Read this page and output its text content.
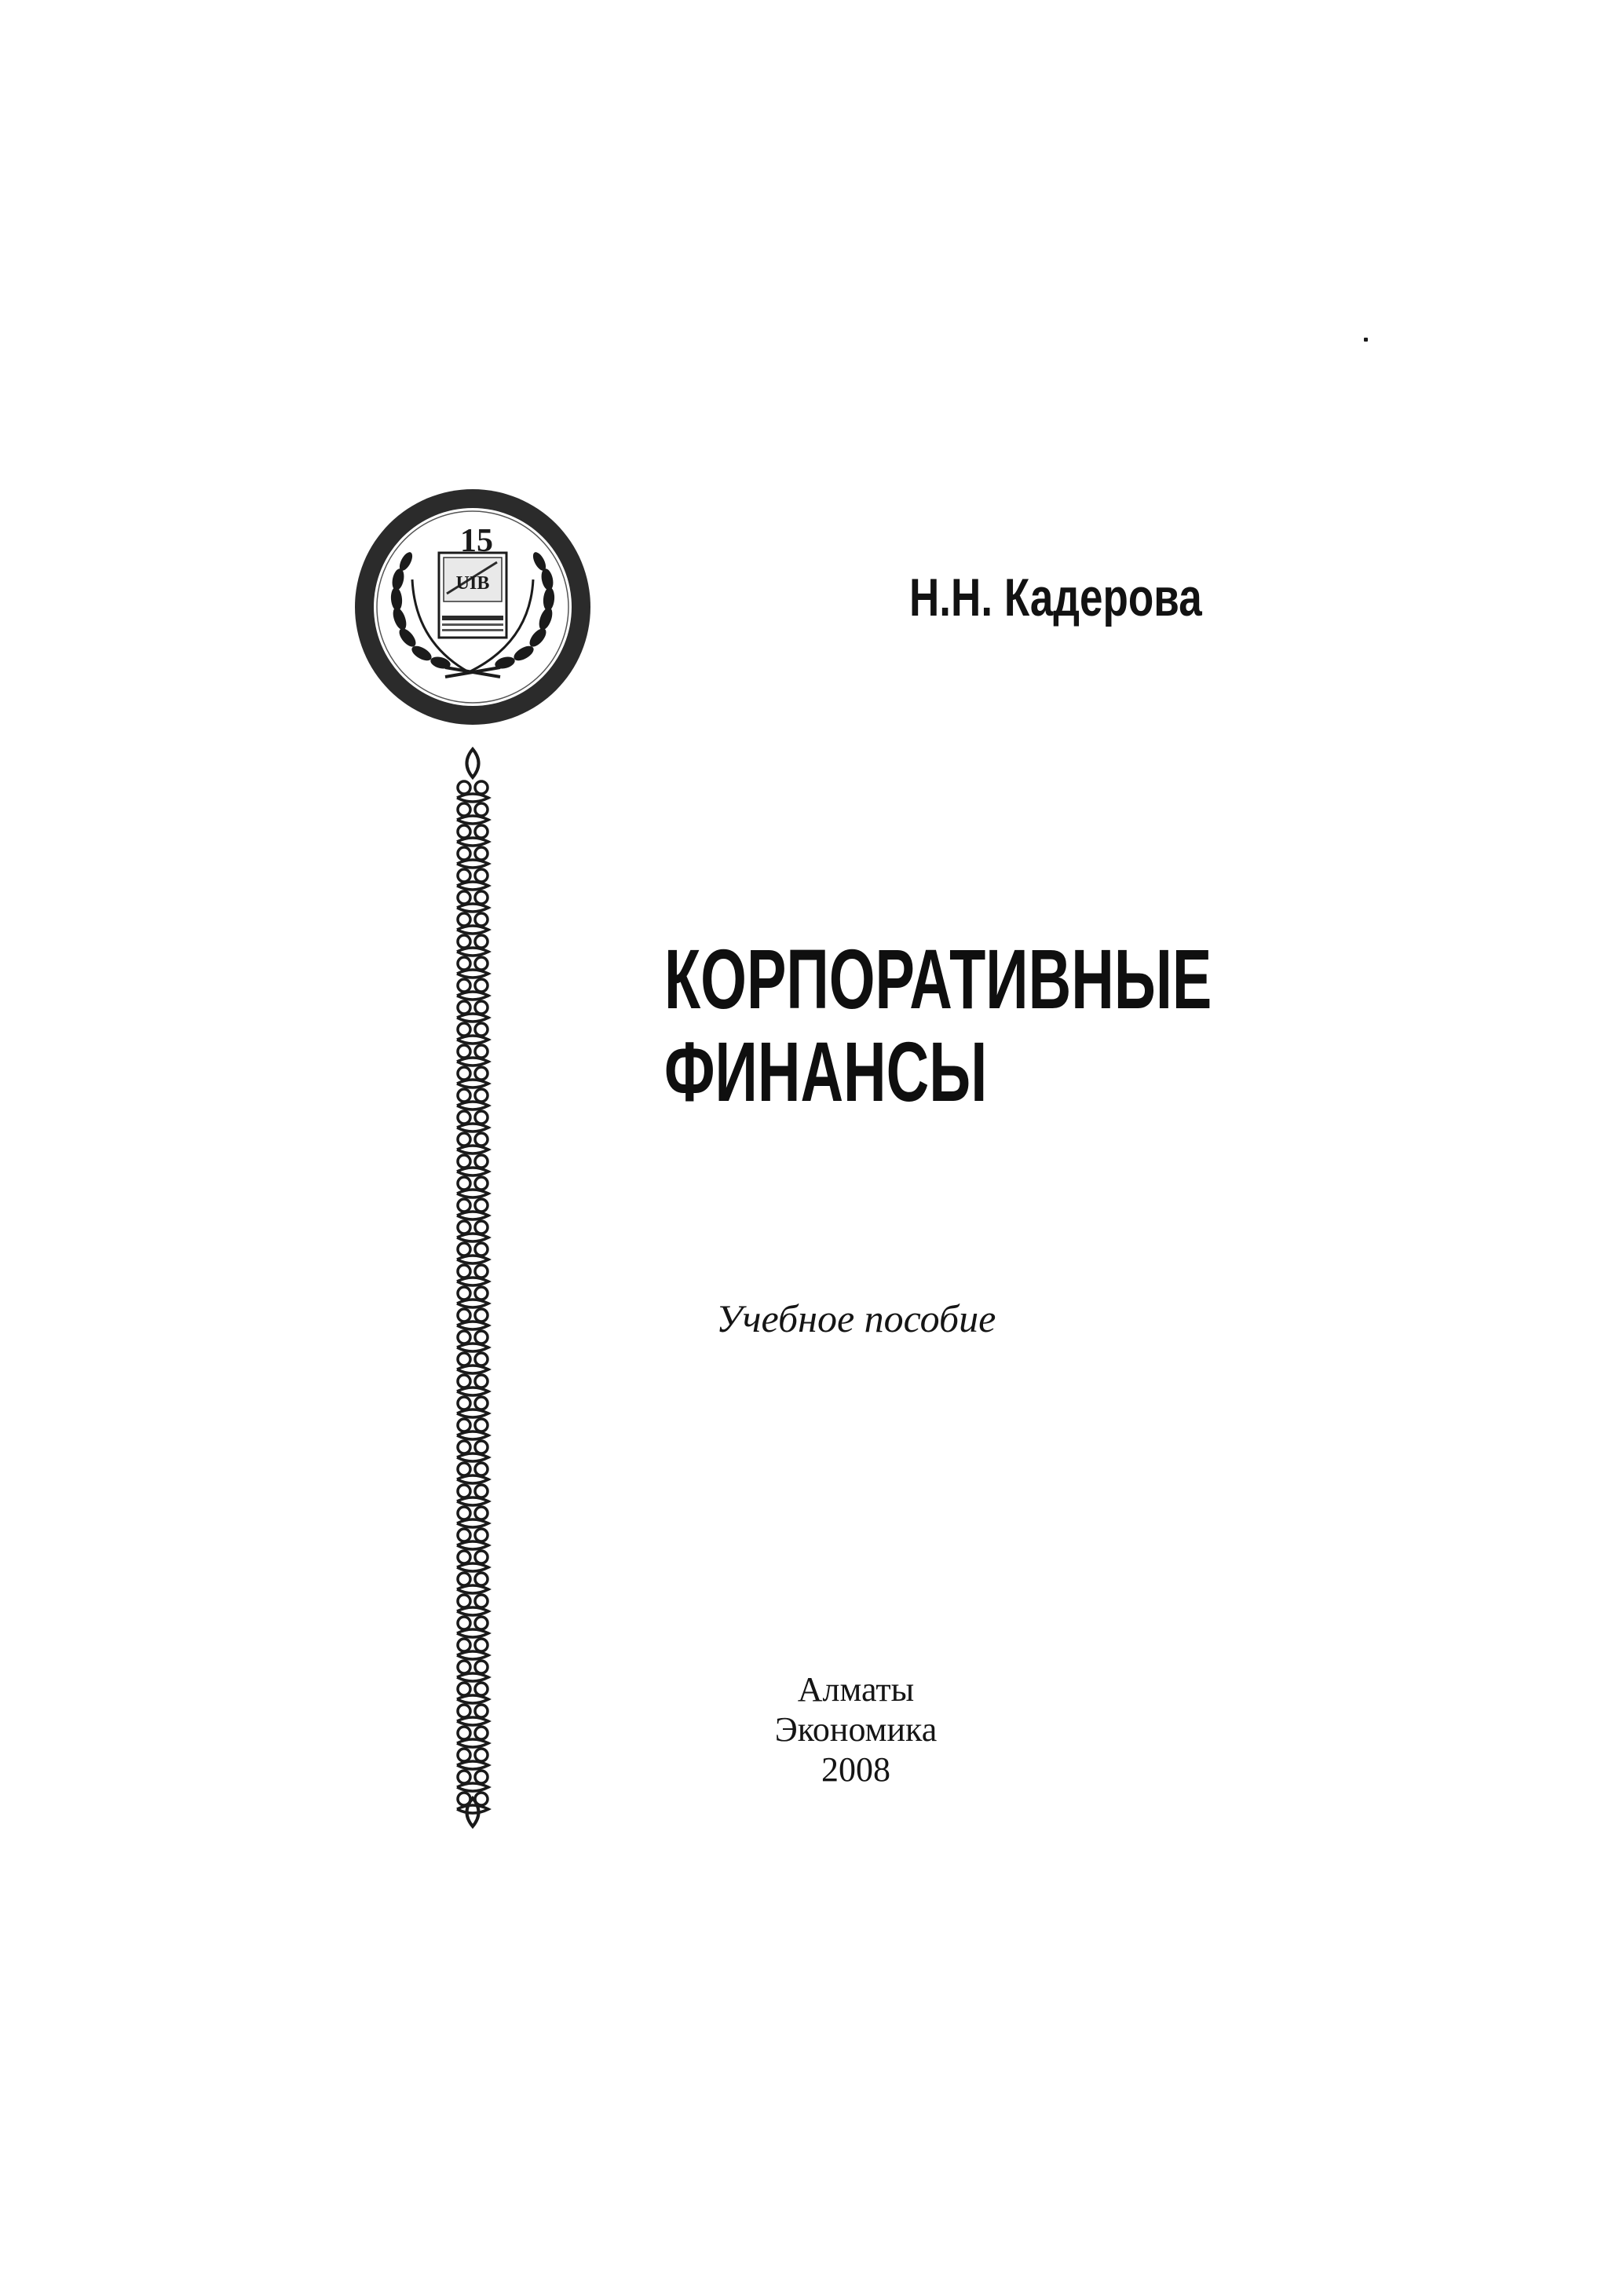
15
UIB	Н.Н. Кадерова
КОРПОРАТИВНЫЕ
ФИНАНСЫ
Учебное пособие
Алматы
Экономика
2008
